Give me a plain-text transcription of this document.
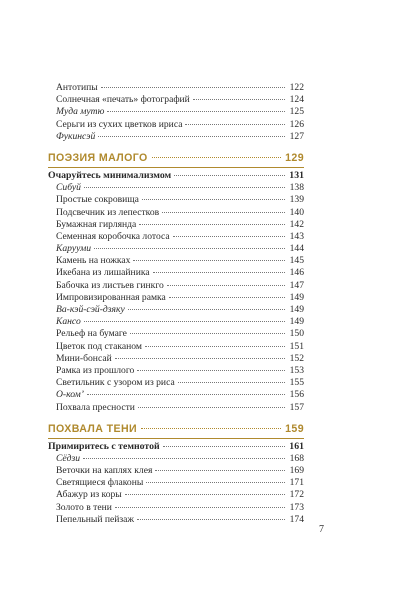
Антотипы	122
Солнечная «печать» фотографий	124
Муда мутю	125
Серьги из сухих цветков ириса	126
Фукинсэй	127
ПОЭЗИЯ МАЛОГО	129
Очаруйтесь минимализмом	131
Сибуй	138
Простые сокровища	139
Подсвечник из лепестков	140
Бумажная гирлянда	142
Семенная коробочка лотоса	143
Карууми	144
Камень на ножках	145
Икебана из лишайника	146
Бабочка из листьев гинкго	147
Импровизированная рамка	149
Ва-кэй-сэй-дзяку	149
Кансо	149
Рельеф на бумаге	150
Цветок под стаканом	151
Мини-бонсай	152
Рамка из прошлого	153
Светильник с узором из риса	155
О-комʼ	156
Похвала пресности	157
ПОХВАЛА ТЕНИ	159
Примиритесь с темнотой	161
Сёдзи	168
Веточки на каплях клея	169
Светящиеся флаконы	171
Абажур из коры	172
Золото в тени	173
Пепельный пейзаж	174
7
